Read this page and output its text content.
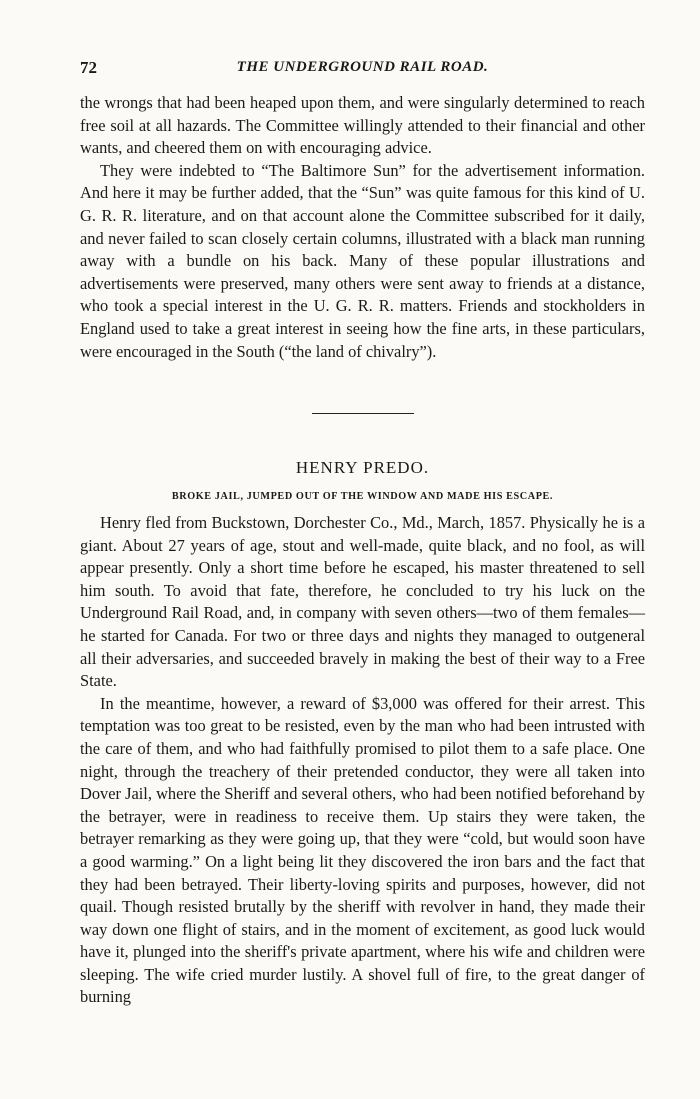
72	THE UNDERGROUND RAIL ROAD.

the wrongs that had been heaped upon them, and were singularly determined to reach free soil at all hazards. The Committee willingly attended to their financial and other wants, and cheered them on with encouraging advice.

They were indebted to “The Baltimore Sun” for the advertisement information. And here it may be further added, that the “Sun” was quite famous for this kind of U. G. R. R. literature, and on that account alone the Committee subscribed for it daily, and never failed to scan closely certain columns, illustrated with a black man running away with a bundle on his back. Many of these popular illustrations and advertisements were preserved, many others were sent away to friends at a distance, who took a special interest in the U. G. R. R. matters. Friends and stockholders in England used to take a great interest in seeing how the fine arts, in these particulars, were encouraged in the South (“the land of chivalry”).

HENRY PREDO.
BROKE JAIL, JUMPED OUT OF THE WINDOW AND MADE HIS ESCAPE.

Henry fled from Buckstown, Dorchester Co., Md., March, 1857. Physically he is a giant. About 27 years of age, stout and well-made, quite black, and no fool, as will appear presently. Only a short time before he escaped, his master threatened to sell him south. To avoid that fate, therefore, he concluded to try his luck on the Underground Rail Road, and, in company with seven others—two of them females—he started for Canada. For two or three days and nights they managed to outgeneral all their adversaries, and succeeded bravely in making the best of their way to a Free State.

In the meantime, however, a reward of $3,000 was offered for their arrest. This temptation was too great to be resisted, even by the man who had been intrusted with the care of them, and who had faithfully promised to pilot them to a safe place. One night, through the treachery of their pretended conductor, they were all taken into Dover Jail, where the Sheriff and several others, who had been notified beforehand by the betrayer, were in readiness to receive them. Up stairs they were taken, the betrayer remarking as they were going up, that they were “cold, but would soon have a good warming.” On a light being lit they discovered the iron bars and the fact that they had been betrayed. Their liberty-loving spirits and purposes, however, did not quail. Though resisted brutally by the sheriff with revolver in hand, they made their way down one flight of stairs, and in the moment of excitement, as good luck would have it, plunged into the sheriff's private apartment, where his wife and children were sleeping. The wife cried murder lustily. A shovel full of fire, to the great danger of burning
